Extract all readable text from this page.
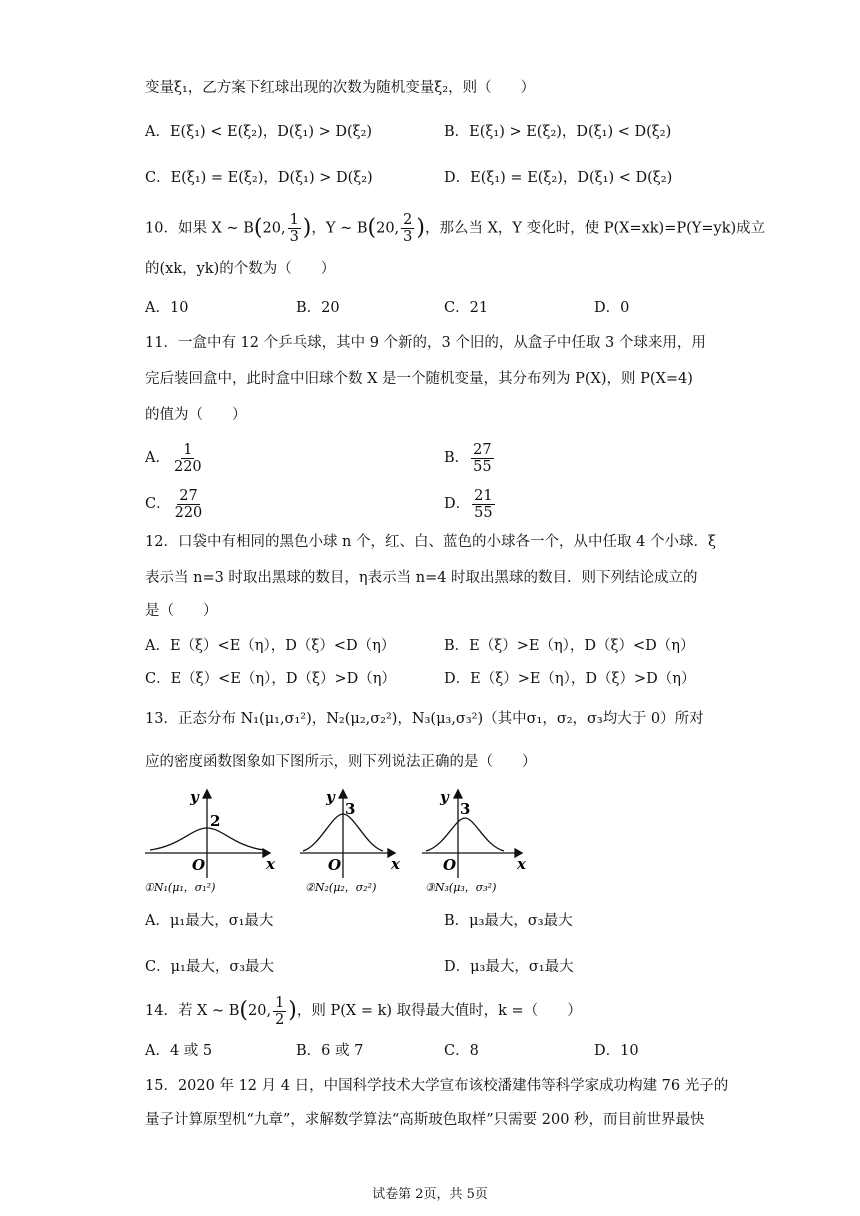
变量ξ₁，乙方案下红球出现的次数为随机变量ξ₂，则（　　）
A．E(ξ₁) < E(ξ₂)，D(ξ₁) > D(ξ₂)	B．E(ξ₁) > E(ξ₂)，D(ξ₁) < D(ξ₂)
C．E(ξ₁) = E(ξ₂)，D(ξ₁) > D(ξ₂)	D．E(ξ₁) = E(ξ₂)，D(ξ₁) < D(ξ₂)
10．如果 X ~ B(20, $\frac{1}{3}$ )，Y ~ B(20, $\frac{2}{3}$ )，那么当 X，Y 变化时，使 P(X=xk)=P(Y=yk)成立
的(xk，yk)的个数为（　　）
A．10	B．20	C．21	D．0
11．一盒中有 12 个乒乓球，其中 9 个新的，3 个旧的，从盒子中任取 3 个球来用，用
完后装回盒中，此时盒中旧球个数 X 是一个随机变量，其分布列为 P(X)，则 P(X=4)
的值为（　　）
A． $\frac{1}{220}$	B． $\frac{27}{55}$
C． $\frac{27}{220}$	D． $\frac{21}{55}$
12．口袋中有相同的黑色小球 n 个，红、白、蓝色的小球各一个，从中任取 4 个小球．ξ
表示当 n=3 时取出黑球的数目，η表示当 n=4 时取出黑球的数目．则下列结论成立的
是（　　）
A．E（ξ）<E（η），D（ξ）<D（η）	B．E（ξ）>E（η），D（ξ）<D（η）
C．E（ξ）<E（η），D（ξ）>D（η）	D．E（ξ）>E（η），D（ξ）>D（η）
13．正态分布 N₁(μ₁,σ₁²)，N₂(μ₂,σ₂²)，N₃(μ₃,σ₃²)（其中σ₁，σ₂，σ₃均大于 0）所对
应的密度函数图象如下图所示，则下列说法正确的是（　　）
y
x
O
2
①N₁(μ₁，σ₁²)
y
x
O
3
②N₂(μ₂，σ₂²)
y
x
O
3
③N₃(μ₃，σ₃²)
A．μ₁最大，σ₁最大	B．μ₃最大，σ₃最大
C．μ₁最大，σ₃最大	D．μ₃最大，σ₁最大
14．若 X ~ B(20, $\frac{1}{2}$ )，则 P(X = k) 取得最大值时，k =（　　）
A．4 或 5	B．6 或 7	C．8	D．10
15．2020 年 12 月 4 日，中国科学技术大学宣布该校潘建伟等科学家成功构建 76 光子的
量子计算原型机“九章”，求解数学算法“高斯玻色取样”只需要 200 秒，而目前世界最快
试卷第 2页，共 5页
